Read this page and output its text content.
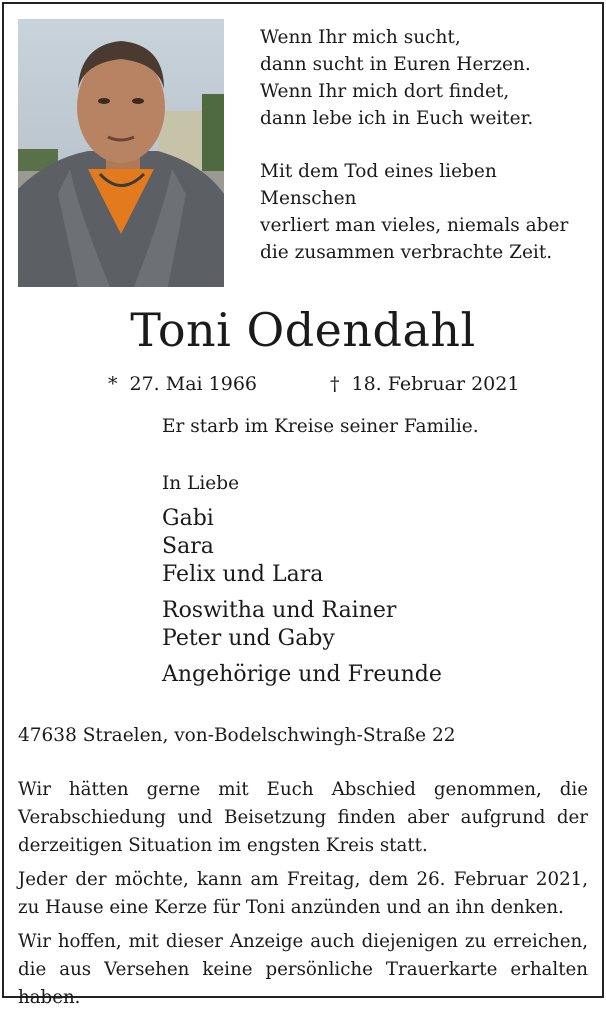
Wenn Ihr mich sucht,

dann sucht in Euren Herzen.

Wenn Ihr mich dort findet,

dann lebe ich in Euch weiter.

Mit dem Tod eines lieben Menschen

verliert man vieles, niemals aber

die zusammen verbrachte Zeit.

Toni Odendahl
* 27. Mai 1966	† 18. Februar 2021
Er starb im Kreise seiner Familie.
In Liebe
Gabi
Sara
Felix und Lara
Roswitha und Rainer
Peter und Gaby
Angehörige und Freunde
47638 Straelen, von-Bodelschwingh-Straße 22

Wir hätten gerne mit Euch Abschied genommen, die Verabschiedung und Beisetzung finden aber aufgrund der derzeitigen Situation im engsten Kreis statt.

Jeder der möchte, kann am Freitag, dem 26. Februar 2021, zu Hause eine Kerze für Toni anzünden und an ihn denken.

Wir hoffen, mit dieser Anzeige auch diejenigen zu erreichen, die aus Versehen keine persönliche Trauerkarte erhalten haben.
